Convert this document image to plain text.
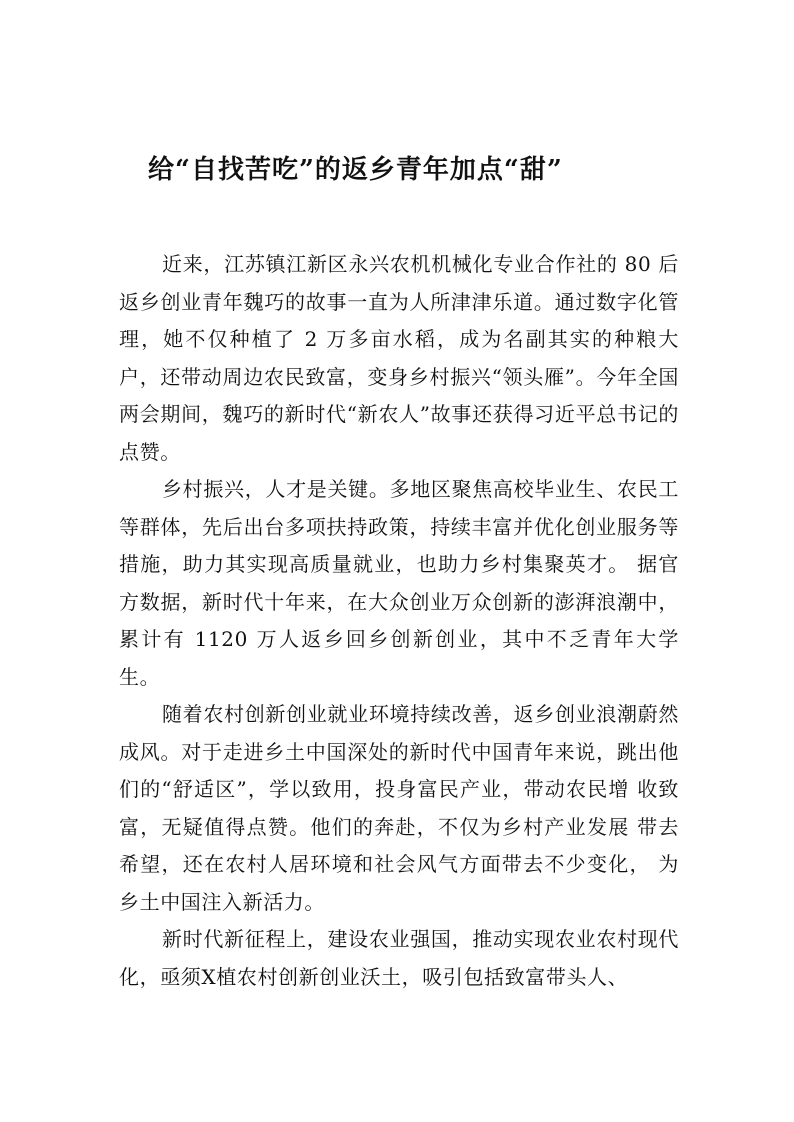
给“自找苦吃”的返乡青年加点“甜”

近来，江苏镇江新区永兴农机机械化专业合作社的 80 后返乡创业青年魏巧的故事一直为人所津津乐道。通过数字化管理，她不仅种植了 2 万多亩水稻，成为名副其实的种粮大户，还带动周边农民致富，变身乡村振兴“领头雁”。今年全国两会期间，魏巧的新时代“新农人”故事还获得习近平总书记的点赞。

乡村振兴，人才是关键。多地区聚焦高校毕业生、农民工等群体，先后出台多项扶持政策，持续丰富并优化创业服务等措施，助力其实现高质量就业，也助力乡村集聚英才。 据官方数据，新时代十年来，在大众创业万众创新的澎湃浪潮中，累计有 1120 万人返乡回乡创新创业，其中不乏青年大学生。

随着农村创新创业就业环境持续改善，返乡创业浪潮蔚然成风。对于走进乡土中国深处的新时代中国青年来说，跳出他们的“舒适区”，学以致用，投身富民产业，带动农民增 收致富，无疑值得点赞。他们的奔赴，不仅为乡村产业发展 带去希望，还在农村人居环境和社会风气方面带去不少变化， 为乡土中国注入新活力。

新时代新征程上，建设农业强国，推动实现农业农村现代化，亟须X植农村创新创业沃土，吸引包括致富带头人、
